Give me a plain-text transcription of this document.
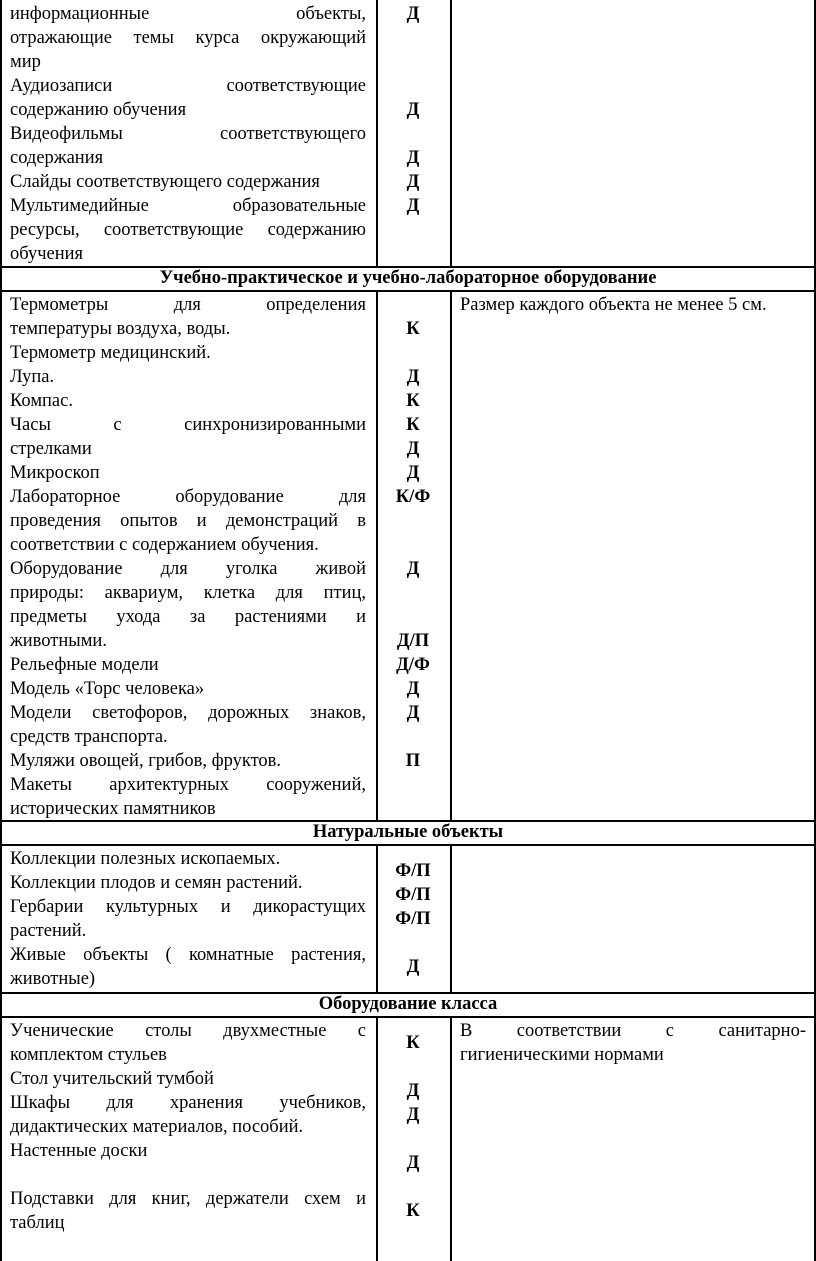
информационные объекты,
отражающие темы курса окружающий
мир
Аудиозаписи соответствующие
содержанию обучения
Видеофильмы соответствующего
содержания
Слайды соответствующего содержания
Мультимедийные образовательные
ресурсы, соответствующие содержанию
обучения
Д
Д
Д
Д
Д
Учебно-практическое и учебно-лабораторное оборудование
Термометры для определения
температуры воздуха, воды.
Термометр медицинский.
Лупа.
Компас.
Часы с синхронизированными
стрелками
Микроскоп
Лабораторное оборудование для
проведения опытов и демонстраций в
соответствии с содержанием обучения.
Оборудование для уголка живой
природы: аквариум, клетка для птиц,
предметы ухода за растениями и
животными.
Рельефные модели
Модель «Торс человека»
Модели светофоров, дорожных знаков,
средств транспорта.
Муляжи овощей, грибов, фруктов.
Макеты архитектурных сооружений,
исторических памятников
К
Д
К
К
Д
Д
К/Ф
Д
Д/П
Д/Ф
Д
Д
П
Размер каждого объекта не менее 5 см.
Натуральные объекты
Коллекции полезных ископаемых.
Коллекции плодов и семян растений.
Гербарии культурных и дикорастущих
растений.
Живые объекты ( комнатные растения,
животные)
Ф/П
Ф/П
Ф/П
Д
Оборудование класса
Ученические столы двухместные с
комплектом стульев
Стол учительский тумбой
Шкафы для хранения учебников,
дидактических материалов, пособий.
Настенные доски
Подставки для книг, держатели схем и
таблиц
К
Д
Д
Д
К
В соответствии с санитарно-
гигиеническими нормами
